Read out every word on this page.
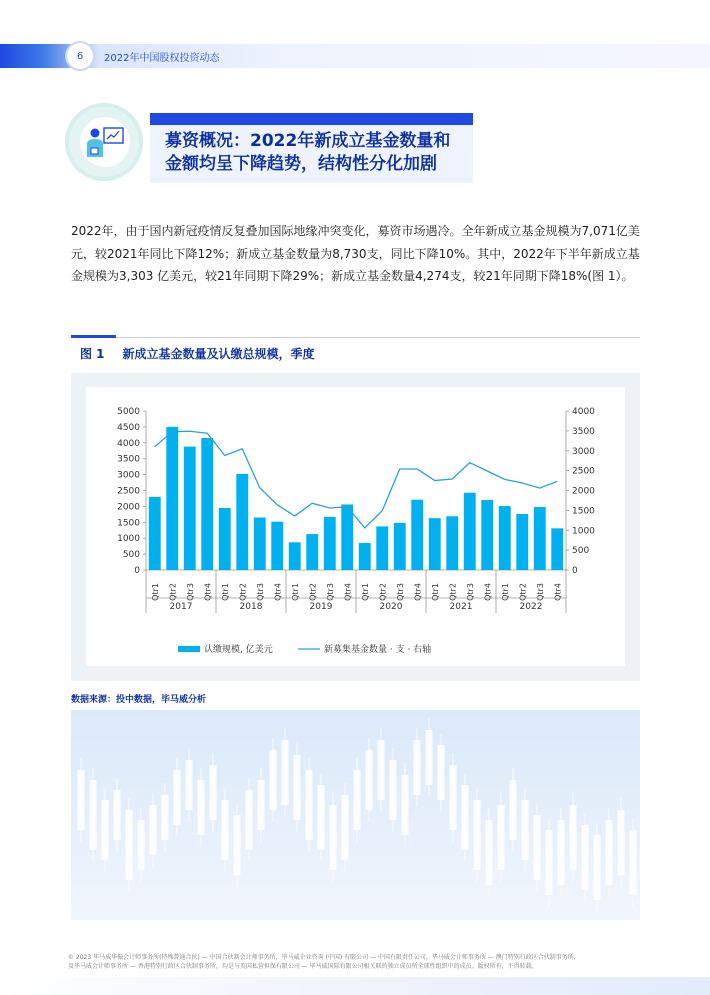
6	2022年中国股权投资动态
募资概况：2022年新成立基金数量和
金额均呈下降趋势，结构性分化加剧
2022年，由于国内新冠疫情反复叠加国际地缘冲突变化，募资市场遇冷。全年新成立基金规模为7,071亿美元，较2021年同比下降12%；新成立基金数量为8,730支，同比下降10%。其中，2022年下半年新成立基金规模为3,303 亿美元，较21年同期下降29%；新成立基金数量4,274支，较21年同期下降18%(图 1）。
图 1 新成立基金数量及认缴总规模，季度
0
500
1000
1500
2000
2500
3000
3500
4000
4500
5000
0
500
1000
1500
2000
2500
3000
3500
4000
Qtr1 Qtr2 Qtr3 Qtr4 Qtr1 Qtr2 Qtr3 Qtr4 Qtr1 Qtr2 Qtr3 Qtr4 Qtr1 Qtr2 Qtr3 Qtr4 Qtr1 Qtr2 Qtr3 Qtr4 Qtr1 Qtr2 Qtr3 Qtr4
2017	2018	2019	2020	2021	2022
认缴规模, 亿美元	新募集基金数量 · 支 · 右轴
数据来源：投中数据，毕马威分析
© 2023 毕马威华振会计师事务所(特殊普通合伙) — 中国合伙制会计师事务所，毕马威企业咨询 (中国) 有限公司 — 中国有限责任公司，毕马威会计师事务所 — 澳门特别行政区合伙制事务所，
及毕马威会计师事务所 — 香港特别行政区合伙制事务所，均是与英国私营担保有限公司 — 毕马威国际有限公司相关联的独立成员所全球性组织中的成员。版权所有，不得转载。
